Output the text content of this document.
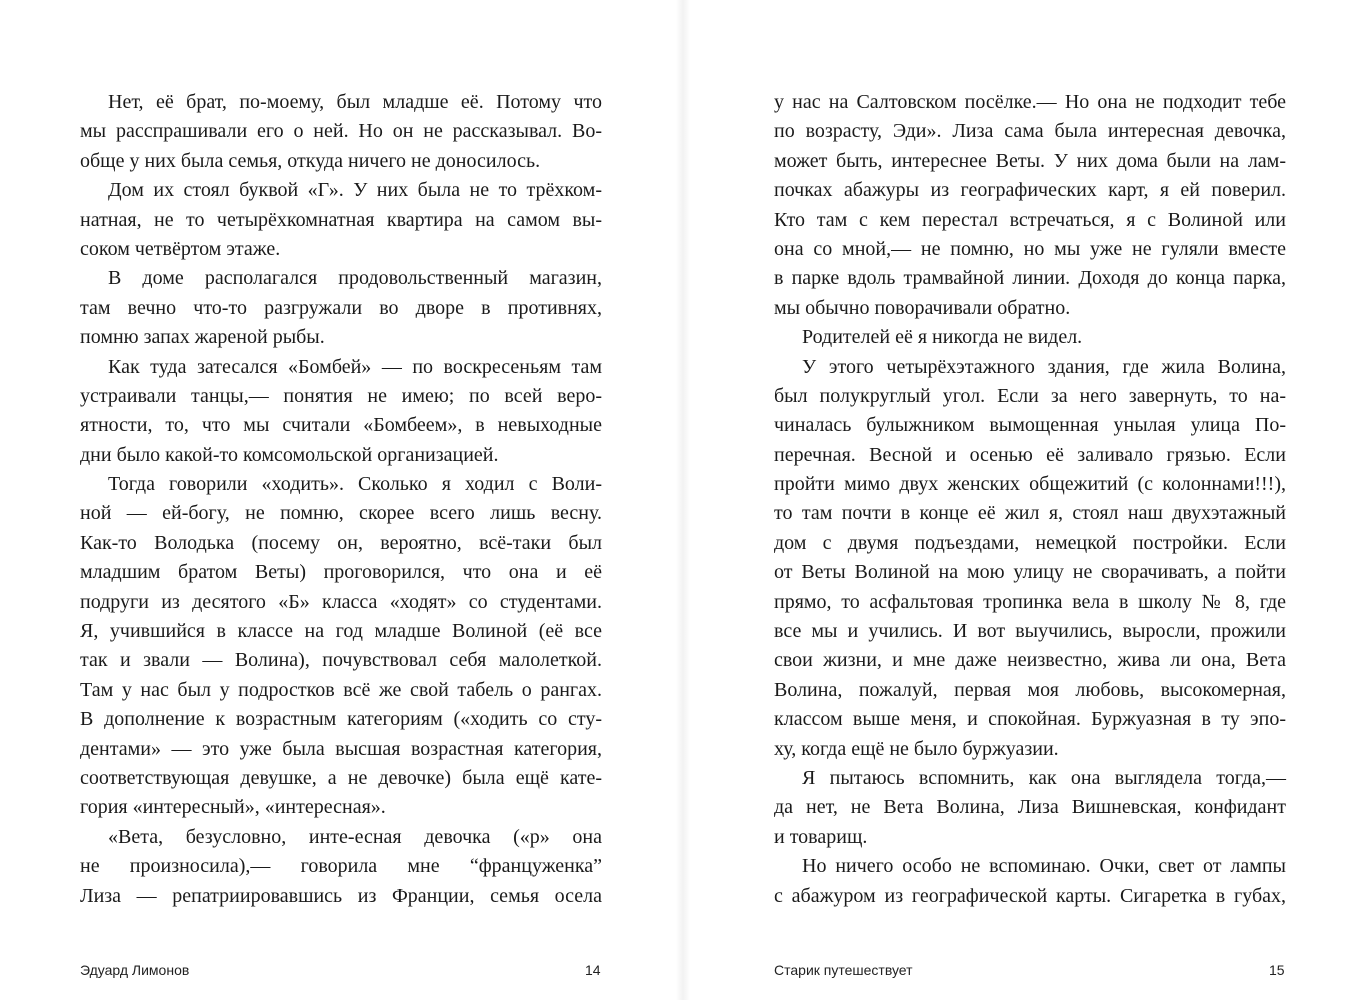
Нет, её брат, по-моему, был младше её. Потому что
мы расспрашивали его о ней. Но он не рассказывал. Во-
обще у них была семья, откуда ничего не доносилось.
Дом их стоял буквой «Г». У них была не то трёхком-
натная, не то четырёхкомнатная квартира на самом вы-
соком четвёртом этаже.
В доме располагался продовольственный магазин,
там вечно что-то разгружали во дворе в противнях,
помню запах жареной рыбы.
Как туда затесался «Бомбей» — по воскресеньям там
устраивали танцы,— понятия не имею; по всей веро-
ятности, то, что мы считали «Бомбеем», в невыходные
дни было какой-то комсомольской организацией.
Тогда говорили «ходить». Сколько я ходил с Воли-
ной — ей-богу, не помню, скорее всего лишь весну.
Как-то Володька (посему он, вероятно, всё-таки был
младшим братом Веты) проговорился, что она и её
подруги из десятого «Б» класса «ходят» со студентами.
Я, учившийся в классе на год младше Волиной (её все
так и звали — Волина), почувствовал себя малолеткой.
Там у нас был у подростков всё же свой табель о рангах.
В дополнение к возрастным категориям («ходить со сту-
дентами» — это уже была высшая возрастная категория,
соответствующая девушке, а не девочке) была ещё катe-
гория «интересный», «интересная».
«Вета, безусловно, инте-есная девочка («р» она
не произносила),— говорила мне “француженка”
Лиза — репатриировавшись из Франции, семья осела
Эдуард Лимонов	14
у нас на Салтовском посёлке.— Но она не подходит тебе
по возрасту, Эди». Лиза сама была интересная девочка,
может быть, интереснее Веты. У них дома были на лам-
почках абажуры из географических карт, я ей поверил.
Кто там с кем перестал встречаться, я с Волиной или
она со мной,— не помню, но мы уже не гуляли вместе
в парке вдоль трамвайной линии. Доходя до конца парка,
мы обычно поворачивали обратно.
Родителей её я никогда не видел.
У этого четырёхэтажного здания, где жила Волина,
был полукруглый угол. Если за него завернуть, то на-
чиналась булыжником вымощенная унылая улица По-
перечная. Весной и осенью её заливало грязью. Если
пройти мимо двух женских общежитий (с колоннами!!!),
то там почти в конце её жил я, стоял наш двухэтажный
дом с двумя подъездами, немецкой постройки. Если
от Веты Волиной на мою улицу не сворачивать, а пойти
прямо, то асфальтовая тропинка вела в школу № 8, где
все мы и учились. И вот выучились, выросли, прожили
свои жизни, и мне даже неизвестно, жива ли она, Вета
Волина, пожалуй, первая моя любовь, высокомерная,
классом выше меня, и спокойная. Буржуазная в ту эпо-
ху, когда ещё не было буржуазии.
Я пытаюсь вспомнить, как она выглядела тогда,—
да нет, не Вета Волина, Лиза Вишневская, конфидант
и товарищ.
Но ничего особо не вспоминаю. Очки, свет от лампы
с абажуром из географической карты. Сигаретка в губах,
Старик путешествует	15
